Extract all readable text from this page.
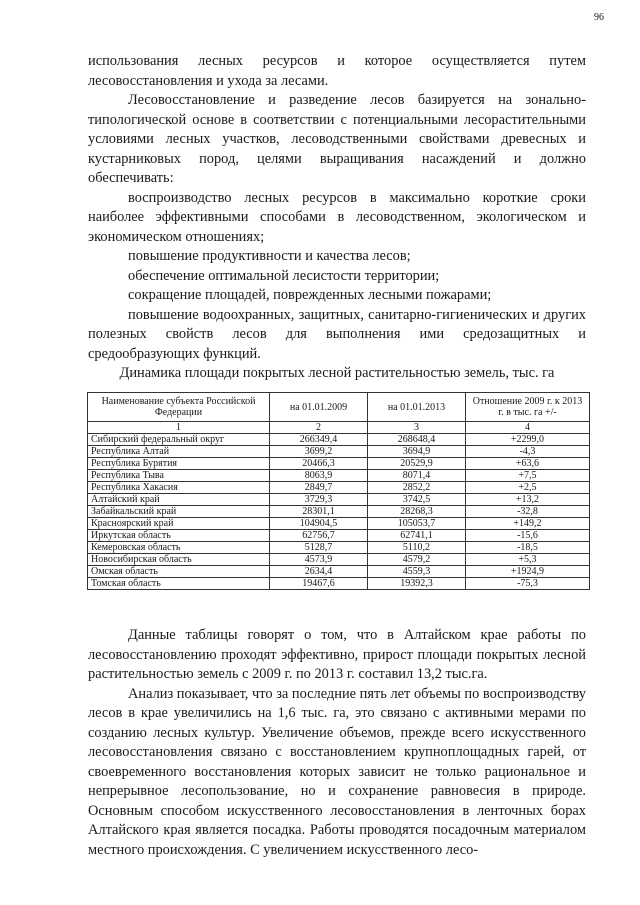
96

использования лесных ресурсов и которое осуществляется путем лесовосстановления и ухода за лесами.

Лесовосстановление и разведение лесов базируется на зонально-типологической основе в соответствии с потенциальными лесорастительными условиями лесных участков, лесоводственными свойствами древесных и кустарниковых пород, целями выращивания насаждений и должно обеспечивать:

воспроизводство лесных ресурсов в максимально короткие сроки наиболее эффективными способами в лесоводственном, экологическом и экономическом отношениях;

повышение продуктивности и качества лесов;

обеспечение оптимальной лесистости территории;

сокращение площадей, поврежденных лесными пожарами;

повышение водоохранных, защитных, санитарно-гигиенических и других полезных свойств лесов для выполнения ими средозащитных и средообразующих функций.

Динамика площади покрытых лесной растительностью земель, тыс. га
Наименование субъекта Российской Федерации	на 01.01.2009	на 01.01.2013	Отношение 2009 г. к 2013 г. в тыс. га +/-
1	2	3	4
Сибирский федеральный округ	266349,4	268648,4	+2299,0
Республика Алтай	3699,2	3694,9	-4,3
Республика Бурятия	20466,3	20529,9	+63,6
Республика Тыва	8063,9	8071,4	+7,5
Республика Хакасия	2849,7	2852,2	+2,5
Алтайский край	3729,3	3742,5	+13,2
Забайкальский край	28301,1	28268,3	-32,8
Красноярский край	104904,5	105053,7	+149,2
Иркутская область	62756,7	62741,1	-15,6
Кемеровская область	5128,7	5110,2	-18,5
Новосибирская область	4573,9	4579,2	+5,3
Омская область	2634,4	4559,3	+1924,9
Томская область	19467,6	19392,3	-75,3

Данные таблицы говорят о том, что в Алтайском крае работы по лесовосстановлению проходят эффективно, прирост площади покрытых лесной растительностью земель с 2009 г. по 2013 г. составил 13,2 тыс.га.

Анализ показывает, что за последние пять лет объемы по воспроизводству лесов в крае увеличились на 1,6 тыс. га, это связано с активными мерами по созданию лесных культур. Увеличение объемов, прежде всего искусственного лесовосстановления связано с восстановлением крупноплощадных гарей, от своевременного восстановления которых зависит не только рациональное и непрерывное лесопользование, но и сохранение равновесия в природе. Основным способом искусственного лесовосстановления в ленточных борах Алтайского края является посадка. Работы проводятся посадочным материалом местного происхождения. С увеличением искусственного лесо-
